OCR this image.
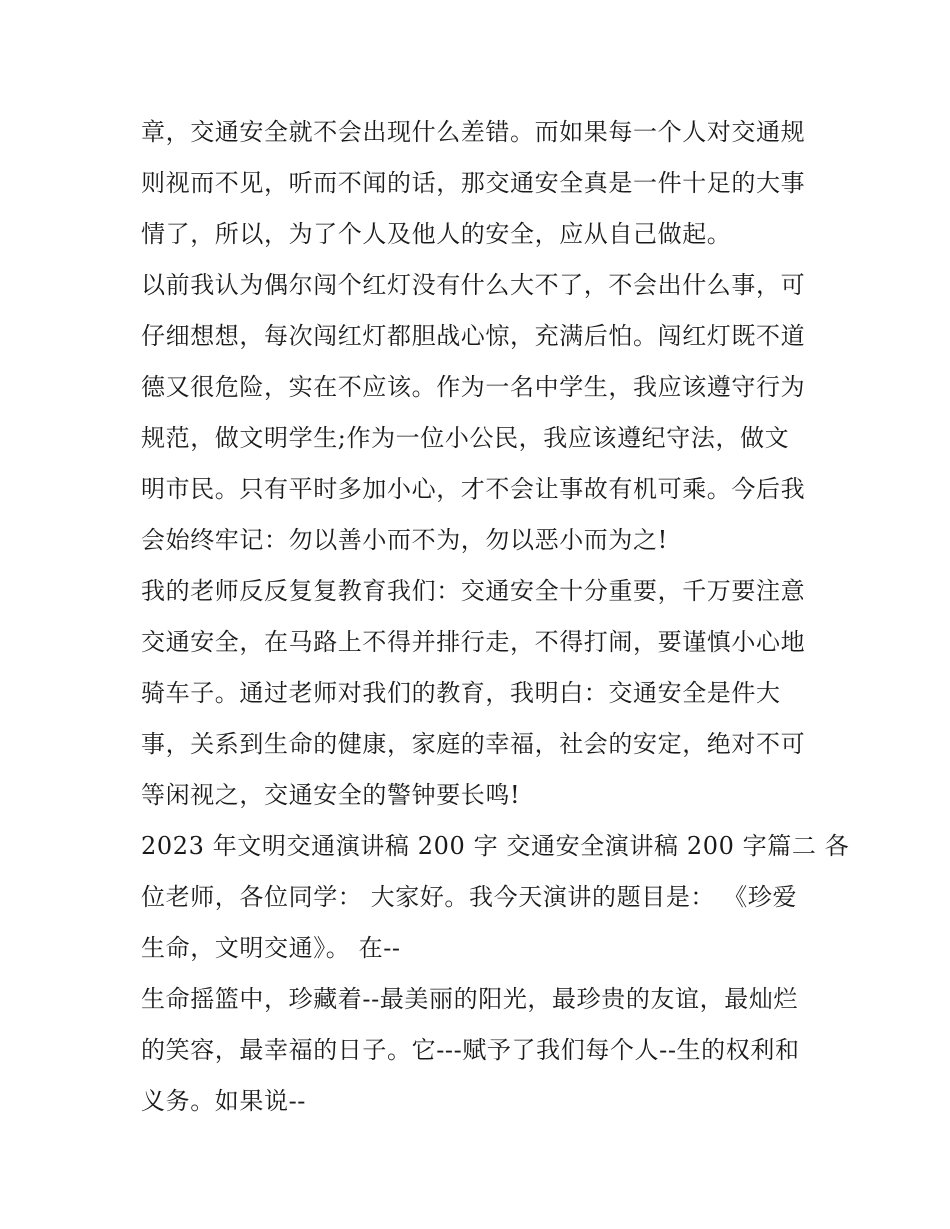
章，交通安全就不会出现什么差错。而如果每一个人对交通规
则视而不见，听而不闻的话，那交通安全真是一件十足的大事
情了，所以，为了个人及他人的安全，应从自己做起。
以前我认为偶尔闯个红灯没有什么大不了，不会出什么事，可
仔细想想，每次闯红灯都胆战心惊，充满后怕。闯红灯既不道
德又很危险，实在不应该。作为一名中学生，我应该遵守行为
规范，做文明学生;作为一位小公民，我应该遵纪守法，做文
明市民。只有平时多加小心，才不会让事故有机可乘。今后我
会始终牢记：勿以善小而不为，勿以恶小而为之!
我的老师反反复复教育我们：交通安全十分重要，千万要注意
交通安全，在马路上不得并排行走，不得打闹，要谨慎小心地
骑车子。通过老师对我们的教育，我明白：交通安全是件大
事，关系到生命的健康，家庭的幸福，社会的安定，绝对不可
等闲视之，交通安全的警钟要长鸣!
2023 年文明交通演讲稿 200 字 交通安全演讲稿 200 字篇二 各
位老师，各位同学： 大家好。我今天演讲的题目是： 《珍爱
生命，文明交通》。 在--
生命摇篮中，珍藏着--最美丽的阳光，最珍贵的友谊，最灿烂
的笑容，最幸福的日子。它---赋予了我们每个人--生的权利和
义务。如果说--
